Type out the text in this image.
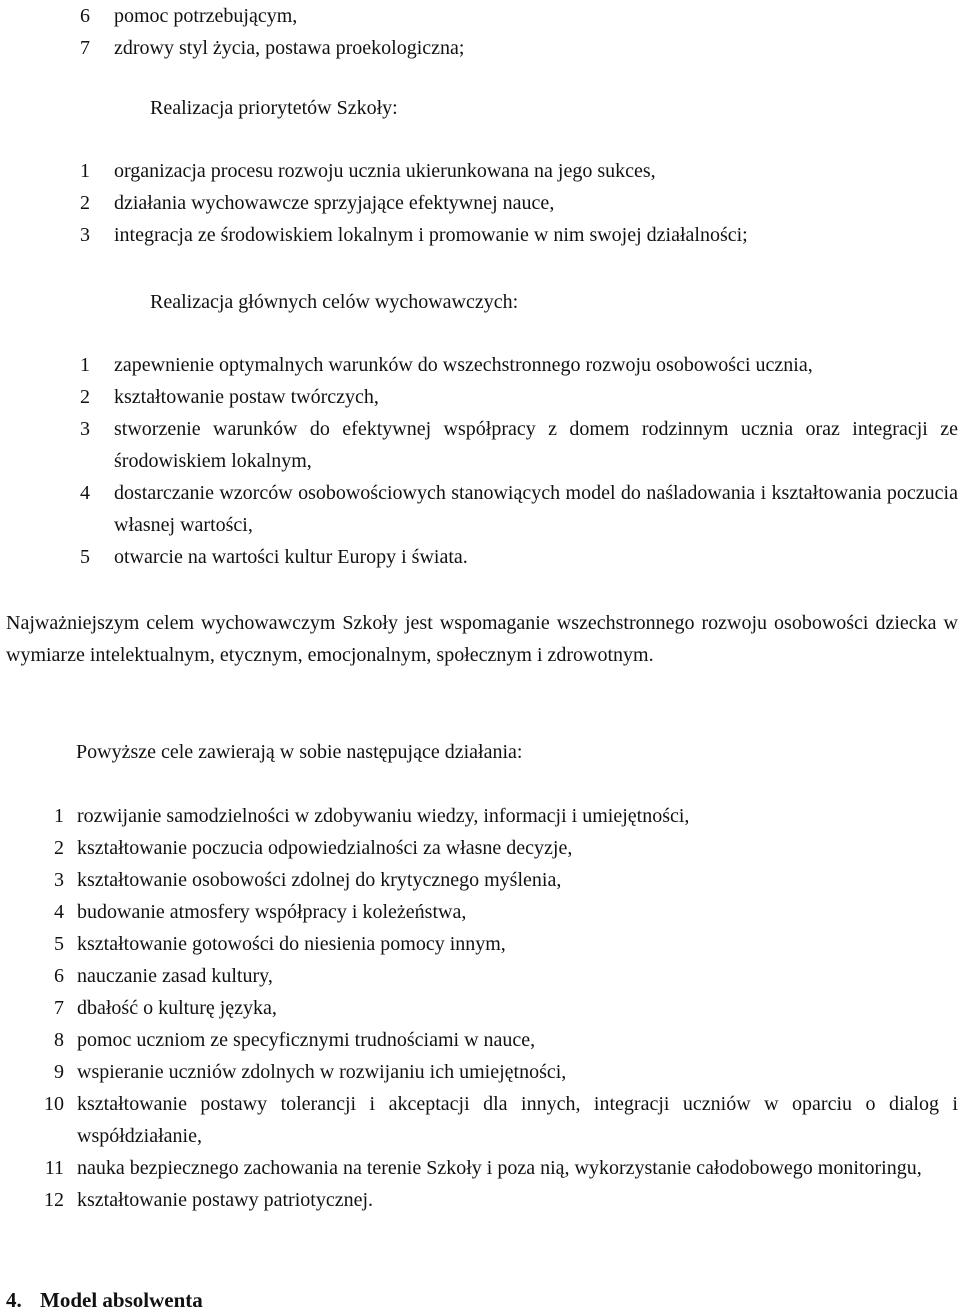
6 pomoc potrzebującym,
7 zdrowy styl życia, postawa proekologiczna;
Realizacja priorytetów Szkoły:
1 organizacja procesu rozwoju ucznia ukierunkowana na jego sukces,
2 działania wychowawcze sprzyjające efektywnej nauce,
3 integracja ze środowiskiem lokalnym i promowanie w nim swojej działalności;
Realizacja głównych celów wychowawczych:
1 zapewnienie optymalnych warunków do wszechstronnego rozwoju osobowości ucznia,
2 kształtowanie postaw twórczych,
3 stworzenie warunków do efektywnej współpracy z domem rodzinnym ucznia oraz integracji ze środowiskiem lokalnym,
4 dostarczanie wzorców osobowościowych stanowiących model do naśladowania i kształtowania poczucia własnej wartości,
5 otwarcie na wartości kultur Europy i świata.

Najważniejszym celem wychowawczym Szkoły jest wspomaganie wszechstronnego rozwoju osobowości dziecka w wymiarze intelektualnym, etycznym, emocjonalnym, społecznym i zdrowotnym.

Powyższe cele zawierają w sobie następujące działania:
1 rozwijanie samodzielności w zdobywaniu wiedzy, informacji i umiejętności,
2 kształtowanie poczucia odpowiedzialności za własne decyzje,
3 kształtowanie osobowości zdolnej do krytycznego myślenia,
4 budowanie atmosfery współpracy i koleżeństwa,
5 kształtowanie gotowości do niesienia pomocy innym,
6 nauczanie zasad kultury,
7 dbałość o kulturę języka,
8 pomoc uczniom ze specyficznymi trudnościami w nauce,
9 wspieranie uczniów zdolnych w rozwijaniu ich umiejętności,
10 kształtowanie postawy tolerancji i akceptacji dla innych, integracji uczniów w oparciu o dialog i współdziałanie,
11 nauka bezpiecznego zachowania na terenie Szkoły i poza nią, wykorzystanie całodobowego monitoringu,
12 kształtowanie postawy patriotycznej.
4. Model absolwenta
